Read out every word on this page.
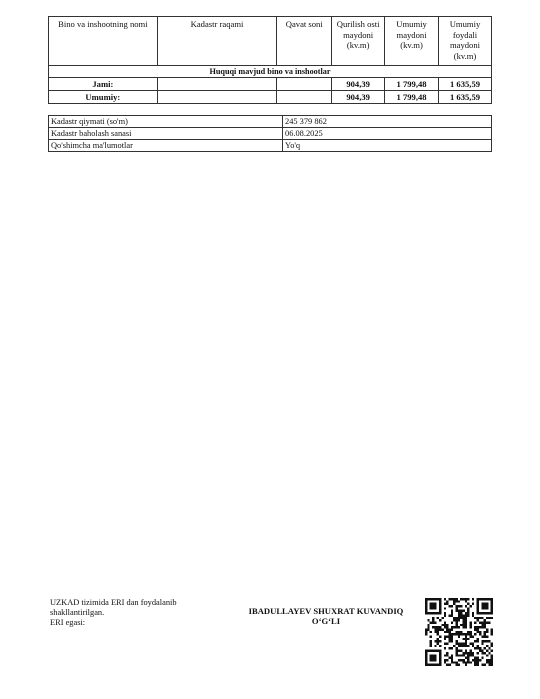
Bino va inshootning nomi	Kadastr raqami	Qavat soni	Qurilish osti maydoni (kv.m)	Umumiy maydoni (kv.m)	Umumiy foydali maydoni (kv.m)
Huquqi mavjud bino va inshootlar					
Jami:			904,39	1 799,48	1 635,59
Umumiy:			904,39	1 799,48	1 635,59
Kadastr qiymati (so'm)	245 379 862
Kadastr baholash sanasi	06.08.2025
Qo'shimcha ma'lumotlar	Yo'q
UZKAD tizimida ERI dan foydalanib shakllantirilgan.
ERI egasi:
IBADULLAYEV SHUXRAT KUVANDIQ O‘G‘LI
